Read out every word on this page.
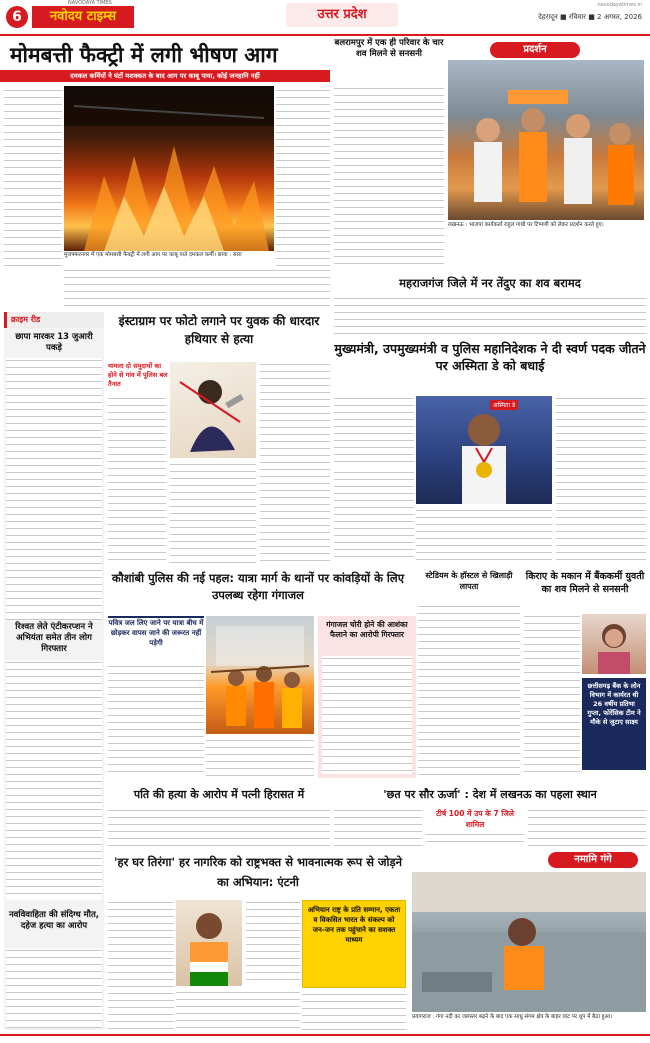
6	नवोदय टाइम्स
NAVODAYA TIMES
उत्तर प्रदेश	देहरादून ■ रविवार ■ 2 अगस्त, 2026
navodayatimes.in
मोमबत्ती फैक्ट्री में लगी भीषण आग
दमकल कर्मियों ने घंटों मशक्कत के बाद आग पर काबू पाया, कोई जनहानि नहीं
मुजफ्फरनगर में एक मोमबत्ती फैक्ट्री में लगी आग पर काबू पाते दमकल कर्मी। छाया : सारा
बलरामपुर में एक ही परिवार के चार शव मिलने से सनसनी	प्रदर्शन
लखनऊ : भाजपा कार्यकर्ता राहुल गांधी पर टिप्पणी को लेकर प्रदर्शन करते हुए।
महराजगंज जिले में नर तेंदुए का शव बरामद
क्राइम रीड
छापा मारकर 13 जुआरी पकड़े
रिश्वत लेते एंटीकरप्शन ने अभियंता समेत तीन लोग गिरफ्तार
नवविवाहिता की संदिग्ध मौत, दहेज हत्या का आरोप
इंस्टाग्राम पर फोटो लगाने पर युवक की धारदार हथियार से हत्या
मामला दो समुदायों का होने से गांव में पुलिस बल तैनात
मुख्यमंत्री, उपमुख्यमंत्री व पुलिस महानिदेशक ने दी स्वर्ण पदक जीतने पर अस्मिता डे को बधाई
अस्मिता डे
कौशांबी पुलिस की नई पहल: यात्रा मार्ग के थानों पर कांवड़ियों के लिए उपलब्ध रहेगा गंगाजल
पवित्र जल लिए जाने पर यात्रा बीच में छोड़कर वापस जाने की जरूरत नहीं पड़ेगी
गंगाजल चोरी होने की आशंका फैलाने का आरोपी गिरफ्तार
स्टेडियम के हॉस्टल से खिलाड़ी लापता
किराए के मकान में बैंककर्मी युवती का शव मिलने से सनसनी
छत्तीसगढ़ बैंक के लोन विभाग में कार्यरत थी 26 वर्षीय प्रतिभा गुप्ता, फोरेंसिक टीम ने मौके से जुटाए साक्ष्य
पति की हत्या के आरोप में पत्नी हिरासत में	'छत पर सौर ऊर्जा' : देश में लखनऊ का पहला स्थान
टीर्ष 100 में उप के 7 जिले शामिल
'हर घर तिरंगा' हर नागरिक को राष्ट्रभक्त से भावनात्मक रूप से जोड़ने का अभियान: एंटनी
अभियान राष्ट्र के प्रति सम्मान, एकता व विकसित भारत के संकल्प को जन-जन तक पहुंचाने का सशक्त माध्यम
नमामि गंगे
प्रयागराज : गंगा नदी का जलस्तर बढ़ने के बाद एक साधु संगम क्षेत्र के बाहर घाट पर धूप में बैठा हुआ।
